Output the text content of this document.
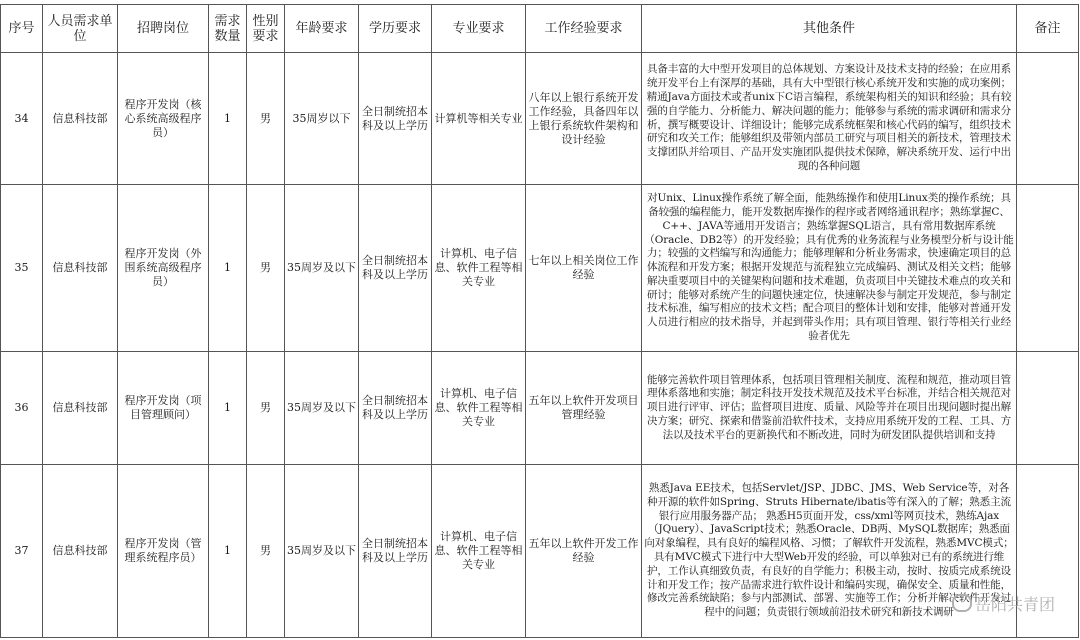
序号	人员需求单位	招聘岗位	需求数量	性别要求	年龄要求	学历要求	专业要求	工作经验要求	其他条件	备注
34	信息科技部	程序开发岗（核心系统高级程序员）	1	男	35周岁以下	全日制统招本科及以上学历	计算机等相关专业	八年以上银行系统开发工作经验，具备四年以上银行系统软件架构和设计经验	具备丰富的大中型开发项目的总体规划、方案设计及技术支持的经验；在应用系统开发平台上有深厚的基础，具有大中型银行核心系统开发和实施的成功案例；精通Java方面技术或者unix下C语言编程，系统架构相关的知识和经验；具有较强的自学能力、分析能力、解决问题的能力；能够参与系统的需求调研和需求分析，撰写概要设计、详细设计；能够完成系统框架和核心代码的编写，组织技术研究和攻关工作；能够组织及带领内部员工研究与项目相关的新技术，管理技术支撑团队并给项目、产品开发实施团队提供技术保障，解决系统开发、运行中出现的各种问题	
35	信息科技部	程序开发岗（外围系统高级程序员）	1	男	35周岁及以下	全日制统招本科及以上学历	计算机、电子信息、软件工程等相关专业	七年以上相关岗位工作经验	对Unix、Linux操作系统了解全面，能熟练操作和使用Linux类的操作系统；具备较强的编程能力，能开发数据库操作的程序或者网络通讯程序；熟练掌握C、C++、JAVA等通用开发语言；熟练掌握SQL语言，具有常用数据库系统（Oracle、DB2等）的开发经验；具有优秀的业务流程与业务模型分析与设计能力；较强的文档编写和沟通能力；能够理解和分析业务需求，快速确定项目的总体流程和开发方案；根据开发规范与流程独立完成编码、测试及相关文档；能够解决重要项目中的关键架构问题和技术难题，负责项目中关键技术难点的攻关和研讨；能够对系统产生的问题快速定位，快速解决参与制定开发规范，参与制定技术标准，编写相应的技术文档；配合项目的整体计划和安排，能够对普通开发人员进行相应的技术指导，并起到带头作用；具有项目管理、银行等相关行业经验者优先	
36	信息科技部	程序开发岗（项目管理顾问）	1	男	35周岁及以下	全日制统招本科及以上学历	计算机、电子信息、软件工程等相关专业	五年以上软件开发项目管理经验	能够完善软件项目管理体系，包括项目管理相关制度、流程和规范，推动项目管理体系落地和实施；制定科技开发技术规范及技术平台标准，并结合相关规范对项目进行评审、评估；监督项目进度、质量、风险等并在项目出现问题时提出解决方案；研究、探索和借鉴前沿软件技术，支持应用系统开发的工程、工具、方法以及技术平台的更新换代和不断改进，同时为研发团队提供培训和支持	
37	信息科技部	程序开发岗（管理系统程序员）	1	男	35周岁及以下	全日制统招本科及以上学历	计算机、电子信息、软件工程等相关专业	五年以上软件开发工作经验	熟悉Java EE技术，包括Servlet/JSP、JDBC、JMS、Web Service等，对各种开源的软件如Spring、Struts Hibernate/ibatis等有深入的了解；熟悉主流银行应用服务器产品； 熟悉H5页面开发，css/xml等网页技术，熟练Ajax（JQuery）、JavaScript技术；熟悉Oracle、DB两、MySQL数据库；熟悉面向对象编程，具有良好的编程风格、习惯；了解软件开发流程，熟悉MVC模式；具有MVC模式下进行中大型Web开发的经验，可以单独对已有的系统进行维护，工作认真细致负责，有良好的自学能力；积极主动，按时、按质完成系统设计和开发工作；按产品需求进行软件设计和编码实现，确保安全、质量和性能，修改完善系统缺陷；参与内部测试、部署、实施等工作；分析并解决软件开发过程中的问题；负责银行领域前沿技术研究和新技术调研		岳阳共青团
